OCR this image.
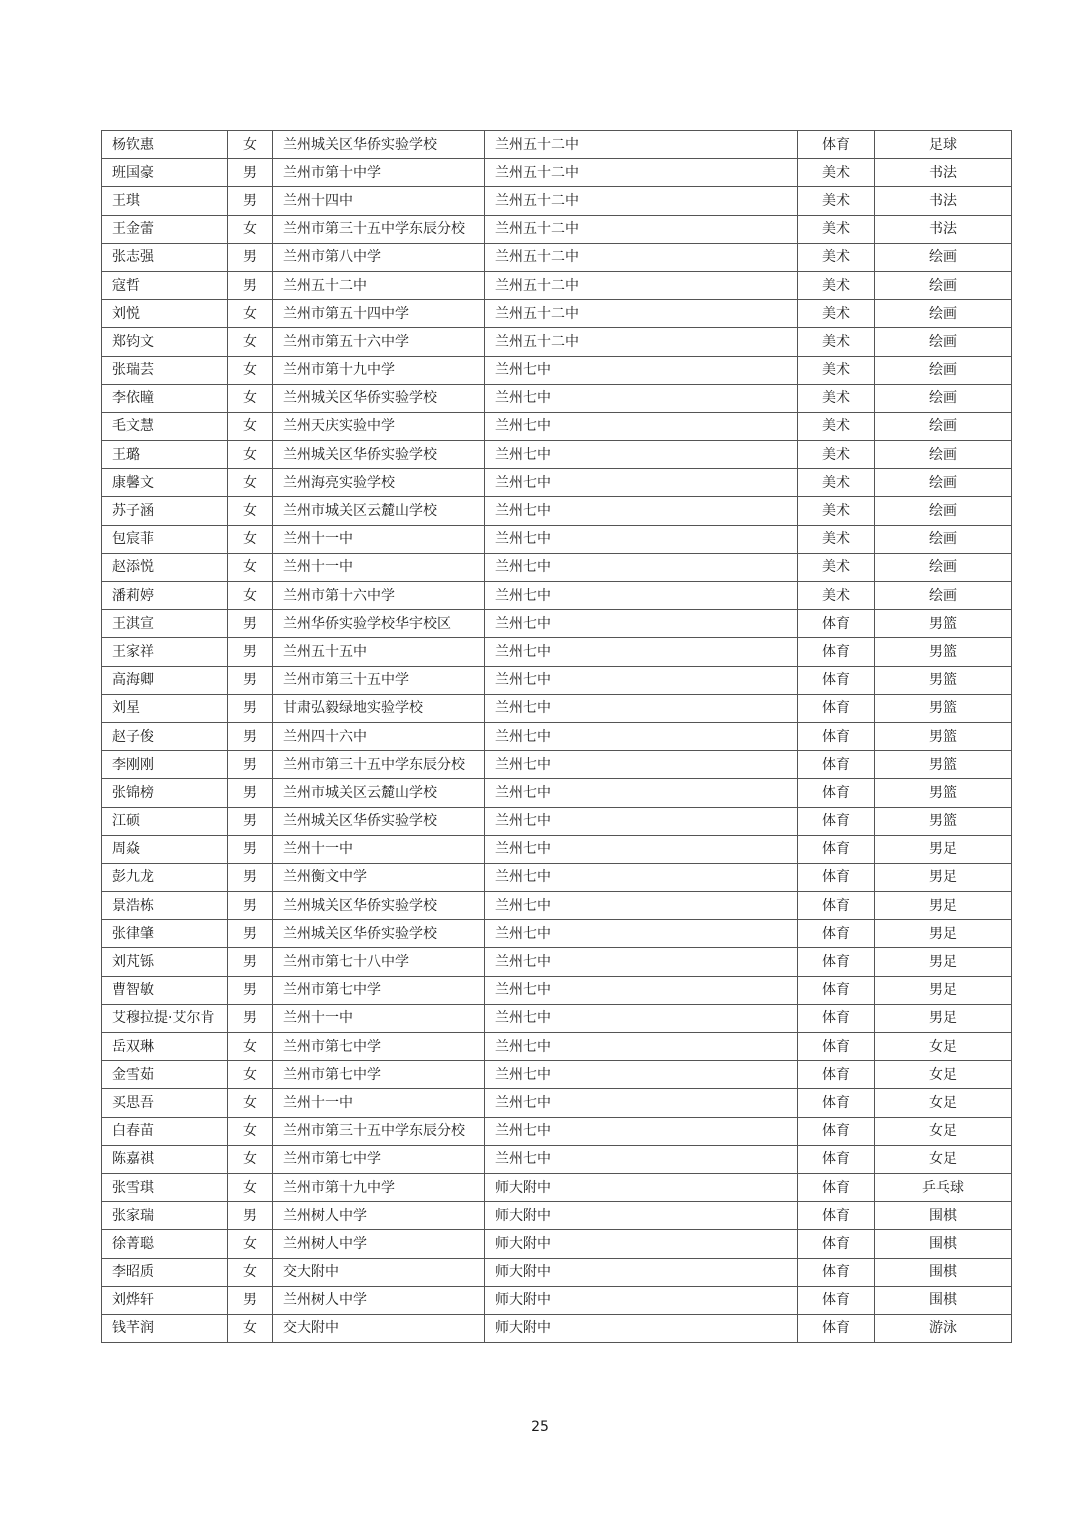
杨钦惠	女	兰州城关区华侨实验学校	兰州五十二中	体育	足球
班国豪	男	兰州市第十中学	兰州五十二中	美术	书法
王琪	男	兰州十四中	兰州五十二中	美术	书法
王金蕾	女	兰州市第三十五中学东辰分校	兰州五十二中	美术	书法
张志强	男	兰州市第八中学	兰州五十二中	美术	绘画
寇哲	男	兰州五十二中	兰州五十二中	美术	绘画
刘悦	女	兰州市第五十四中学	兰州五十二中	美术	绘画
郑钧文	女	兰州市第五十六中学	兰州五十二中	美术	绘画
张瑞芸	女	兰州市第十九中学	兰州七中	美术	绘画
李依瞳	女	兰州城关区华侨实验学校	兰州七中	美术	绘画
毛文慧	女	兰州天庆实验中学	兰州七中	美术	绘画
王璐	女	兰州城关区华侨实验学校	兰州七中	美术	绘画
康馨文	女	兰州海亮实验学校	兰州七中	美术	绘画
苏子涵	女	兰州市城关区云麓山学校	兰州七中	美术	绘画
包宸菲	女	兰州十一中	兰州七中	美术	绘画
赵添悦	女	兰州十一中	兰州七中	美术	绘画
潘莉婷	女	兰州市第十六中学	兰州七中	美术	绘画
王淇宣	男	兰州华侨实验学校华宇校区	兰州七中	体育	男篮
王家祥	男	兰州五十五中	兰州七中	体育	男篮
高海卿	男	兰州市第三十五中学	兰州七中	体育	男篮
刘星	男	甘肃弘毅绿地实验学校	兰州七中	体育	男篮
赵子俊	男	兰州四十六中	兰州七中	体育	男篮
李刚刚	男	兰州市第三十五中学东辰分校	兰州七中	体育	男篮
张锦榜	男	兰州市城关区云麓山学校	兰州七中	体育	男篮
江硕	男	兰州城关区华侨实验学校	兰州七中	体育	男篮
周焱	男	兰州十一中	兰州七中	体育	男足
彭九龙	男	兰州衡文中学	兰州七中	体育	男足
景浩栋	男	兰州城关区华侨实验学校	兰州七中	体育	男足
张律肇	男	兰州城关区华侨实验学校	兰州七中	体育	男足
刘芃铄	男	兰州市第七十八中学	兰州七中	体育	男足
曹智敏	男	兰州市第七中学	兰州七中	体育	男足
艾穆拉提·艾尔肯	男	兰州十一中	兰州七中	体育	男足
岳双琳	女	兰州市第七中学	兰州七中	体育	女足
金雪茹	女	兰州市第七中学	兰州七中	体育	女足
买思吾	女	兰州十一中	兰州七中	体育	女足
白春苗	女	兰州市第三十五中学东辰分校	兰州七中	体育	女足
陈嘉祺	女	兰州市第七中学	兰州七中	体育	女足
张雪琪	女	兰州市第十九中学	师大附中	体育	乒乓球
张家瑞	男	兰州树人中学	师大附中	体育	围棋
徐菁聪	女	兰州树人中学	师大附中	体育	围棋
李昭质	女	交大附中	师大附中	体育	围棋
刘烨轩	男	兰州树人中学	师大附中	体育	围棋
钱芊润	女	交大附中	师大附中	体育	游泳
25
